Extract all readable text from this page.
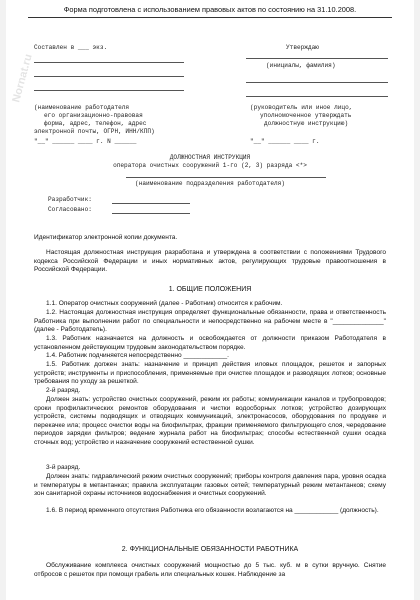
Nornat.ru
Форма подготовлена с использованием правовых актов по состоянию на 31.10.2008.
Составлен в ___ экз.
(наименование работодателя
его организационно-правовая
форма, адрес, телефон, адрес
электронной почты, ОГРН, ИНН/КПП)
"__" ______ ____ г. N ______
Утверждаю
(инициалы, фамилия)
(руководитель или иное лицо,
уполномоченное утверждать
должностную инструкцию)
"__" ______ ____ г.
ДОЛЖНОСТНАЯ ИНСТРУКЦИЯ
оператора очистных сооружений 1-го (2, 3) разряда <*>
(наименование подразделения работодателя)
Разработчик:
Согласовано:
Идентификатор электронной копии документа.
Настоящая должностная инструкция разработана и утверждена в соответствии с положениями Трудового кодекса Российской Федерации и иных нормативных актов, регулирующих трудовые правоотношения в Российской Федерации.
1. ОБЩИЕ ПОЛОЖЕНИЯ
1.1. Оператор очистных сооружений (далее - Работник) относится к рабочим.
1.2. Настоящая должностная инструкция определяет функциональные обязанности, права и ответственность Работника при выполнении работ по специальности и непосредственно на рабочем месте в "______________" (далее - Работодатель).
1.3. Работник назначается на должность и освобождается от должности приказом Работодателя в установленном действующим трудовым законодательством порядке.
1.4. Работник подчиняется непосредственно ____________.
1.5. Работник должен знать: назначение и принцип действия иловых площадок, решеток и запорных устройств; инструменты и приспособления, применяемые при очистке площадок и разводящих лотков; основные требования по уходу за решеткой.
2-й разряд.
Должен знать: устройство очистных сооружений, режим их работы; коммуникации каналов и трубопроводов; сроки профилактических ремонтов оборудования и чистки водосборных лотков; устройство дозирующих устройств, системы подводящих и отводящих коммуникаций, электронасосов, оборудования по продувке и перекачке ила; процесс очистки воды на биофильтрах, фракции применяемого фильтрующего слоя, чередование периодов зарядки фильтров; ведение журнала работ на биофильтрах; способы естественной сушки осадка сточных вод; устройство и назначение сооружений естественной сушки.
3-й разряд.
Должен знать: гидравлический режим очистных сооружений; приборы контроля давления пара, уровня осадка и температуры в метантанках; правила эксплуатации газовых сетей; температурный режим метантанков; схему зон санитарной охраны источников водоснабжения и очистных сооружений.
1.6. В период временного отсутствия Работника его обязанности возлагаются на ____________ (должность).
2. ФУНКЦИОНАЛЬНЫЕ ОБЯЗАННОСТИ РАБОТНИКА
Обслуживание комплекса очистных сооружений мощностью до 5 тыс. куб. м в сутки вручную. Снятие отбросов с решеток при помощи грабель или специальных кошек. Наблюдение за
